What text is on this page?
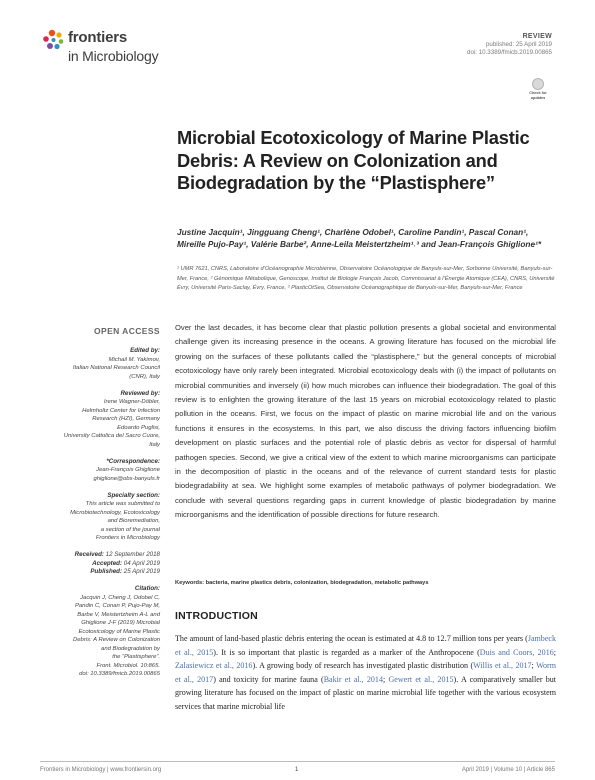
frontiers
in Microbiology
REVIEW
published: 25 April 2019
doi: 10.3389/fmicb.2019.00865
Check for
updates
Microbial Ecotoxicology of Marine Plastic Debris: A Review on Colonization and Biodegradation by the “Plastisphere”
Justine Jacquin¹, Jingguang Cheng¹, Charlène Odobel¹, Caroline Pandin¹, Pascal Conan¹, Mireille Pujo-Pay¹, Valérie Barbe², Anne-Leila Meistertzheim¹˒³ and Jean-François Ghiglione¹*
¹ UMR 7621, CNRS, Laboratoire d’Océanographie Microbienne, Observatoire Océanologique de Banyuls-sur-Mer, Sorbonne Université, Banyuls-sur-Mer, France, ² Génomique Métabolique, Genoscope, Institut de Biologie François Jacob, Commissariat à l’Énergie Atomique (CEA), CNRS, Université Évry, Université Paris-Saclay, Évry, France, ³ PlasticOtSea, Observatoire Océanographique de Banyuls-sur-Mer, Banyuls-sur-Mer, France
OPEN ACCESS
Edited by:
Michail M. Yakimov,
Italian National Research Council
(CNR), Italy
Reviewed by:
Irene Wagner-Döbler,
Helmholtz Center for Infection
Research (HZI), Germany
Edoardo Puglisi,
University Cattolica del Sacro Cuore,
Italy
*Correspondence:
Jean-François Ghiglione
ghiglione@obs-banyuls.fr
Specialty section:
This article was submitted to
Microbiotechnology, Ecotoxicology
and Bioremediation,
a section of the journal
Frontiers in Microbiology
Received: 12 September 2018
Accepted: 04 April 2019
Published: 25 April 2019
Citation:
Jacquin J, Cheng J, Odobel C,
Pandin C, Conan P, Pujo-Pay M,
Barbe V, Meistertzheim A-L and
Ghiglione J-F (2019) Microbial
Ecotoxicology of Marine Plastic
Debris: A Review on Colonization
and Biodegradation by
the “Plastisphere”.
Front. Microbiol. 10:865.
doi: 10.3389/fmicb.2019.00865
Over the last decades, it has become clear that plastic pollution presents a global societal and environmental challenge given its increasing presence in the oceans. A growing literature has focused on the microbial life growing on the surfaces of these pollutants called the “plastisphere,” but the general concepts of microbial ecotoxicology have only rarely been integrated. Microbial ecotoxicology deals with (i) the impact of pollutants on microbial communities and inversely (ii) how much microbes can influence their biodegradation. The goal of this review is to enlighten the growing literature of the last 15 years on microbial ecotoxicology related to plastic pollution in the oceans. First, we focus on the impact of plastic on marine microbial life and on the various functions it ensures in the ecosystems. In this part, we also discuss the driving factors influencing biofilm development on plastic surfaces and the potential role of plastic debris as vector for dispersal of harmful pathogen species. Second, we give a critical view of the extent to which marine microorganisms can participate in the decomposition of plastic in the oceans and of the relevance of current standard tests for plastic biodegradability at sea. We highlight some examples of metabolic pathways of polymer biodegradation. We conclude with several questions regarding gaps in current knowledge of plastic biodegradation by marine microorganisms and the identification of possible directions for future research.
Keywords: bacteria, marine plastics debris, colonization, biodegradation, metabolic pathways
INTRODUCTION
The amount of land-based plastic debris entering the ocean is estimated at 4.8 to 12.7 million tons per years (Jambeck et al., 2015). It is so important that plastic is regarded as a marker of the Anthropocene (Duis and Coors, 2016; Zalasiewicz et al., 2016). A growing body of research has investigated plastic distribution (Willis et al., 2017; Worm et al., 2017) and toxicity for marine fauna (Bakir et al., 2014; Gewert et al., 2015). A comparatively smaller but growing literature has focused on the impact of plastic on marine microbial life together with the various ecosystem services that marine microbial life
Frontiers in Microbiology | www.frontiersin.org	1	April 2019 | Volume 10 | Article 865
